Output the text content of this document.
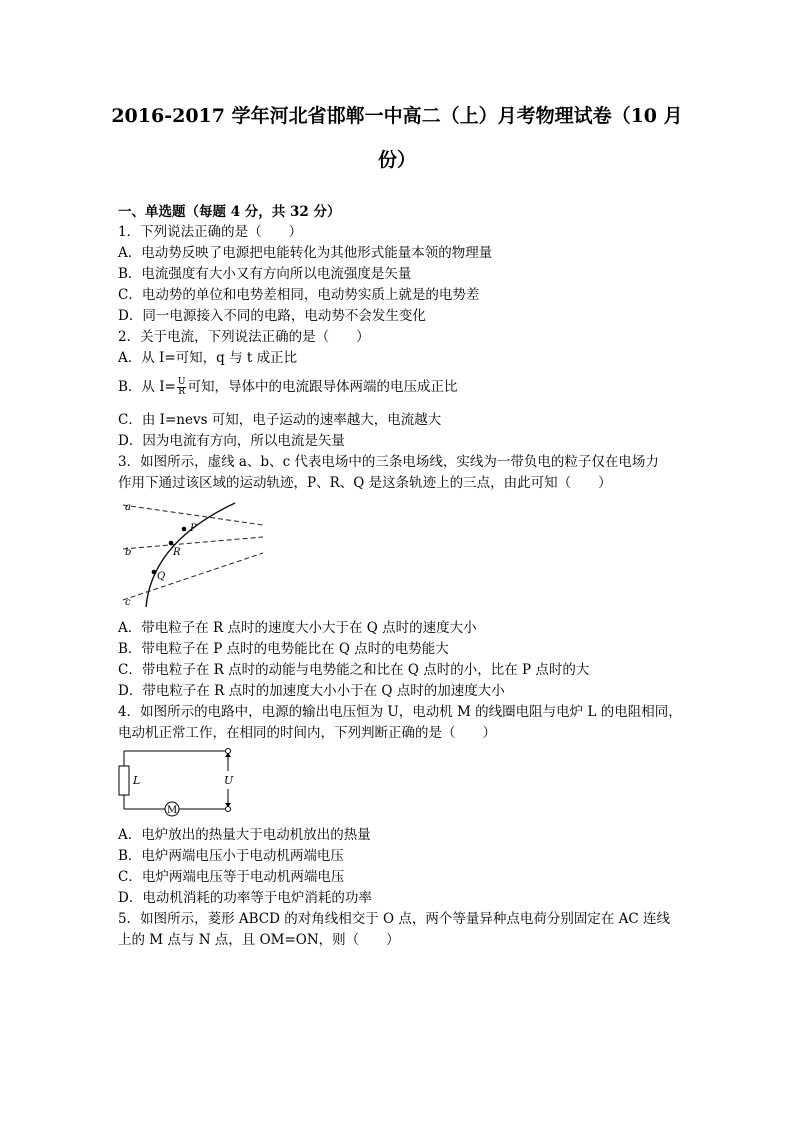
2016-2017 学年河北省邯郸一中高二（上）月考物理试卷（10 月
份）
一、单选题（每题 4 分，共 32 分）
1．下列说法正确的是（　　）
A．电动势反映了电源把电能转化为其他形式能量本领的物理量
B．电流强度有大小又有方向所以电流强度是矢量
C．电动势的单位和电势差相同，电动势实质上就是的电势差
D．同一电源接入不同的电路，电动势不会发生变化
2．关于电流，下列说法正确的是（　　）
A．从 I=可知，q 与 t 成正比
B．从 $I= \frac{U}{R}$ 可知，导体中的电流跟导体两端的电压成正比
C．由 I=nevs 可知，电子运动的速率越大，电流越大
D．因为电流有方向，所以电流是矢量
3．如图所示，虚线 a、b、c 代表电场中的三条电场线，实线为一带负电的粒子仅在电场力
作用下通过该区域的运动轨迹，P、R、Q 是这条轨迹上的三点，由此可知（　　）
a
b
c
P
R
Q
A．带电粒子在 R 点时的速度大小大于在 Q 点时的速度大小
B．带电粒子在 P 点时的电势能比在 Q 点时的电势能大
C．带电粒子在 R 点时的动能与电势能之和比在 Q 点时的小，比在 P 点时的大
D．带电粒子在 R 点时的加速度大小小于在 Q 点时的加速度大小
4．如图所示的电路中，电源的输出电压恒为 U，电动机 M 的线圈电阻与电炉 L 的电阻相同，
电动机正常工作，在相同的时间内，下列判断正确的是（　　）
L
M
U
A．电炉放出的热量大于电动机放出的热量
B．电炉两端电压小于电动机两端电压
C．电炉两端电压等于电动机两端电压
D．电动机消耗的功率等于电炉消耗的功率
5．如图所示，菱形 ABCD 的对角线相交于 O 点，两个等量异种点电荷分别固定在 AC 连线
上的 M 点与 N 点，且 OM=ON，则（　　）
